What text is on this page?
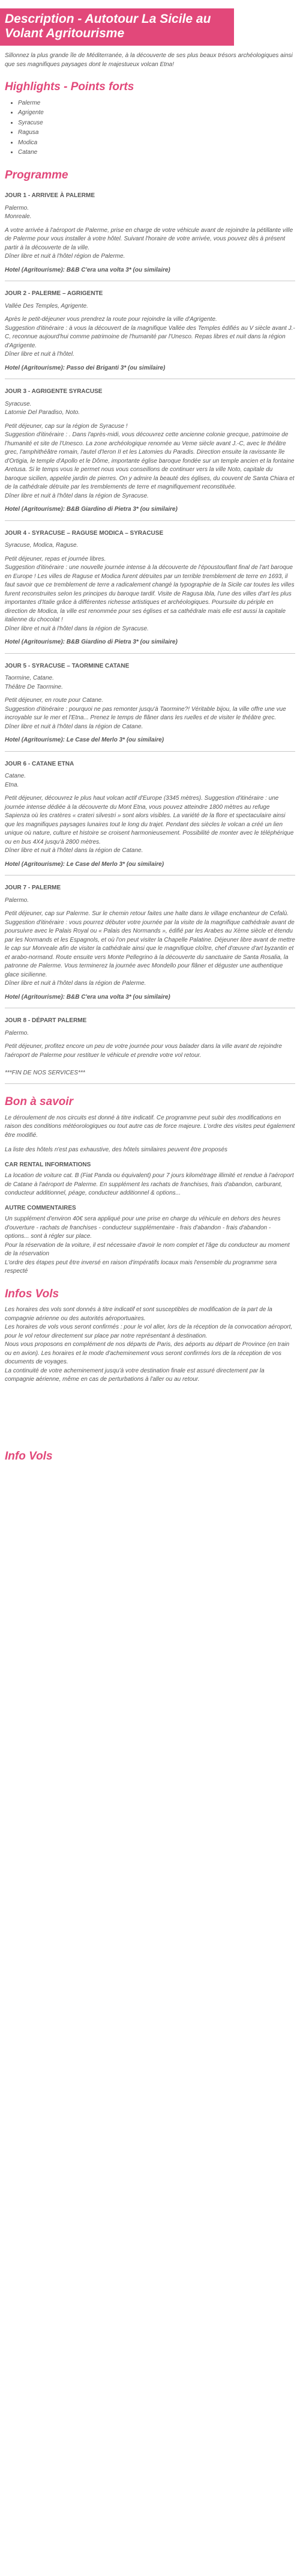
Description - Autotour La Sicile au Volant Agritourisme
Sillonnez la plus grande île de Méditerranée, à la découverte de ses plus beaux trésors archéologiques ainsi que ses magnifiques paysages dont le majestueux volcan Etna!
Highlights - Points forts
• Palerme
• Agrigente
• Syracuse
• Ragusa
• Modica
• Catane
Programme
JOUR 1 - ARRIVEE À PALERME
Palermo.
Monreale.
A votre arrivée à l'aéroport de Palerme, prise en charge de votre véhicule avant de rejoindre la pétillante ville de Palerme pour vous installer à votre hôtel. Suivant l'horaire de votre arrivée, vous pouvez dès à présent partir à la découverte de la ville.
Dîner libre et nuit à l'hôtel région de Palerme.
Hotel (Agritourisme): B&B C'era una volta 3* (ou similaire)
JOUR 2 - PALERME – AGRIGENTE
Vallée Des Temples, Agrigente.
Après le petit-déjeuner vous prendrez la route pour rejoindre la ville d'Agrigente.
Suggestion d'itinéraire : à vous la découvert de la magnifique Vallée des Temples édifiés au V siècle avant J.-C, reconnue aujourd'hui comme patrimoine de l'humanité par l'Unesco. Repas libres et nuit dans la région d'Agrigente.
Dîner libre et nuit à l'hôtel.
Hotel (Agritourisme): Passo dei Briganti 3* (ou similaire)
JOUR 3 - AGRIGENTE SYRACUSE
Syracuse.
Latomie Del Paradiso, Noto.
Petit déjeuner, cap sur la région de Syracuse !
Suggestion d'itinéraire : . Dans l'après-midi, vous découvrez cette ancienne colonie grecque, patrimoine de l'humanité et site de l'Unesco. La zone archéologique renomée au Veme siècle avant J.-C, avec le théâtre grec, l'amphithéâtre romain, l'autel d'Ieron II et les Latomies du Paradis. Direction ensuite la ravissante île d'Ortigia, le temple d'Apollo et le Dôme, importante église baroque fondée sur un temple ancien et la fontaine Aretusa. Si le temps vous le permet nous vous conseillons de continuer vers la ville Noto, capitale du baroque sicilien, appelée jardin de pierres. On y admire la beauté des églises, du couvent de Santa Chiara et de la cathédrale détruite par les tremblements de terre et magnifiquement reconstituée.
Dîner libre et nuit à l'hôtel dans la région de Syracuse.
Hotel (Agritourisme): B&B Giardino di Pietra 3* (ou similaire)
JOUR 4 - SYRACUSE – RAGUSE MODICA – SYRACUSE
Syracuse, Modica, Raguse.
Petit déjeuner, repas et journée libres.
Suggestion d'itinéraire : une nouvelle journée intense à la découverte de l'époustouflant final de l'art baroque en Europe ! Les villes de Raguse et Modica furent détruites par un terrible tremblement de terre en 1693, il faut savoir que ce tremblement de terre a radicalement changé la typographie de la Sicile car toutes les villes furent reconstruites selon les principes du baroque tardif. Visite de Ragusa Ibla, l'une des villes d'art les plus importantes d'Italie grâce à différentes richesse artistiques et archéologiques. Poursuite du périple en direction de Modica, la ville est renommée pour ses églises et sa cathédrale mais elle est aussi la capitale italienne du chocolat !
Dîner libre et nuit à l'hôtel dans la région de Syracuse.
Hotel (Agritourisme): B&B Giardino di Pietra 3* (ou similaire)
JOUR 5 - SYRACUSE – TAORMINE CATANE
Taormine, Catane.
Théâtre De Taormine.
Petit déjeuner, en route pour Catane.
Suggestion d'itinéraire : pourquoi ne pas remonter jusqu'à Taormine?! Véritable bijou, la ville offre une vue incroyable sur le mer et l'Etna... Prenez le temps de flâner dans les ruelles et de visiter le théâtre grec.
Dîner libre et nuit à l'hôtel dans la région de Catane.
Hotel (Agritourisme): Le Case del Merlo 3* (ou similaire)
JOUR 6 - CATANE ETNA
Catane.
Etna.
Petit déjeuner, découvrez le plus haut volcan actif d'Europe (3345 mètres). Suggestion d'itinéraire : une journée intense dédiée à la découverte du Mont Etna, vous pouvez atteindre 1800 mètres au refuge Sapienza où les cratères « crateri silvestri » sont alors visibles. La variété de la flore et spectaculaire ainsi que les magnifiques paysages lunaires tout le long du trajet. Pendant des siècles le volcan a créé un lien unique où nature, culture et histoire se croisent harmonieusement. Possibilité de monter avec le téléphérique ou en bus 4X4 jusqu'à 2800 mètres.
Dîner libre et nuit à l'hôtel dans la région de Catane.
Hotel (Agritourisme): Le Case del Merlo 3* (ou similaire)
JOUR 7 - PALERME
Palermo.
Petit déjeuner, cap sur Palerme. Sur le chemin retour faites une halte dans le village enchanteur de Cefalù.
Suggestion d'itinéraire : vous pourrez débuter votre journée par la visite de la magnifique cathédrale avant de poursuivre avec le Palais Royal ou « Palais des Normands », édifié par les Arabes au Xème siècle et étendu par les Normands et les Espagnols, et où l'on peut visiter la Chapelle Palatine. Déjeuner libre avant de mettre le cap sur Monreale afin de visiter la cathédrale ainsi que le magnifique cloître, chef d'œuvre d'art byzantin et et arabo-normand. Route ensuite vers Monte Pellegrino à la découverte du sanctuaire de Santa Rosalia, la patronne de Palerme. Vous terminerez la journée avec Mondello pour flâner et déguster une authentique glace sicilienne.
Dîner libre et nuit à l'hôtel dans la région de Palerme.
Hotel (Agritourisme): B&B C'era una volta 3* (ou similaire)
JOUR 8 - DÉPART PALERME
Palermo.
Petit déjeuner, profitez encore un peu de votre journée pour vous balader dans la ville avant de rejoindre l'aéroport de Palerme pour restituer le véhicule et prendre votre vol retour.

***FIN DE NOS SERVICES***
Bon à savoir
Le déroulement de nos circuits est donné à titre indicatif. Ce programme peut subir des modifications en raison des conditions météorologiques ou tout autre cas de force majeure. L'ordre des visites peut également être modifié.
La liste des hôtels n'est pas exhaustive, des hôtels similaires peuvent être proposés
CAR RENTAL INFORMATIONS
La location de voiture cat. B (Fiat Panda ou équivalent) pour 7 jours kilométrage illimité et rendue à l'aéroport de Catane à l'aéroport de Palerme. En supplément les rachats de franchises, frais d'abandon, carburant, conducteur additionnel, péage, conducteur additionnel & options...
AUTRE COMMENTAIRES
Un supplément d'environ 40€ sera appliqué pour une prise en charge du véhicule en dehors des heures d'ouverture - rachats de franchises - conducteur supplémentaire - frais d'abandon - frais d'abandon - options... sont à régler sur place.
Pour la réservation de la voiture, il est nécessaire d'avoir le nom complet et l'âge du conducteur au moment de la réservation
L'ordre des étapes peut être inversé en raison d'impératifs locaux mais l'ensemble du programme sera respecté
Infos Vols
Les horaires des vols sont donnés à titre indicatif et sont susceptibles de modification de la part de la compagnie aérienne ou des autorités aéroportuaires.
Les horaires de vols vous seront confirmés : pour le vol aller, lors de la réception de la convocation aéroport, pour le vol retour directement sur place par notre représentant à destination.
Nous vous proposons en complément de nos départs de Paris, des aéports au départ de Province (en train ou en avion). Les horaires et le mode d'acheminement vous seront confirmés lors de la réception de vos documents de voyages.
La continuité de votre acheminement jusqu'à votre destination finale est assuré directement par la compagnie aérienne, même en cas de perturbations à l'aller ou au retour.
Info Vols
